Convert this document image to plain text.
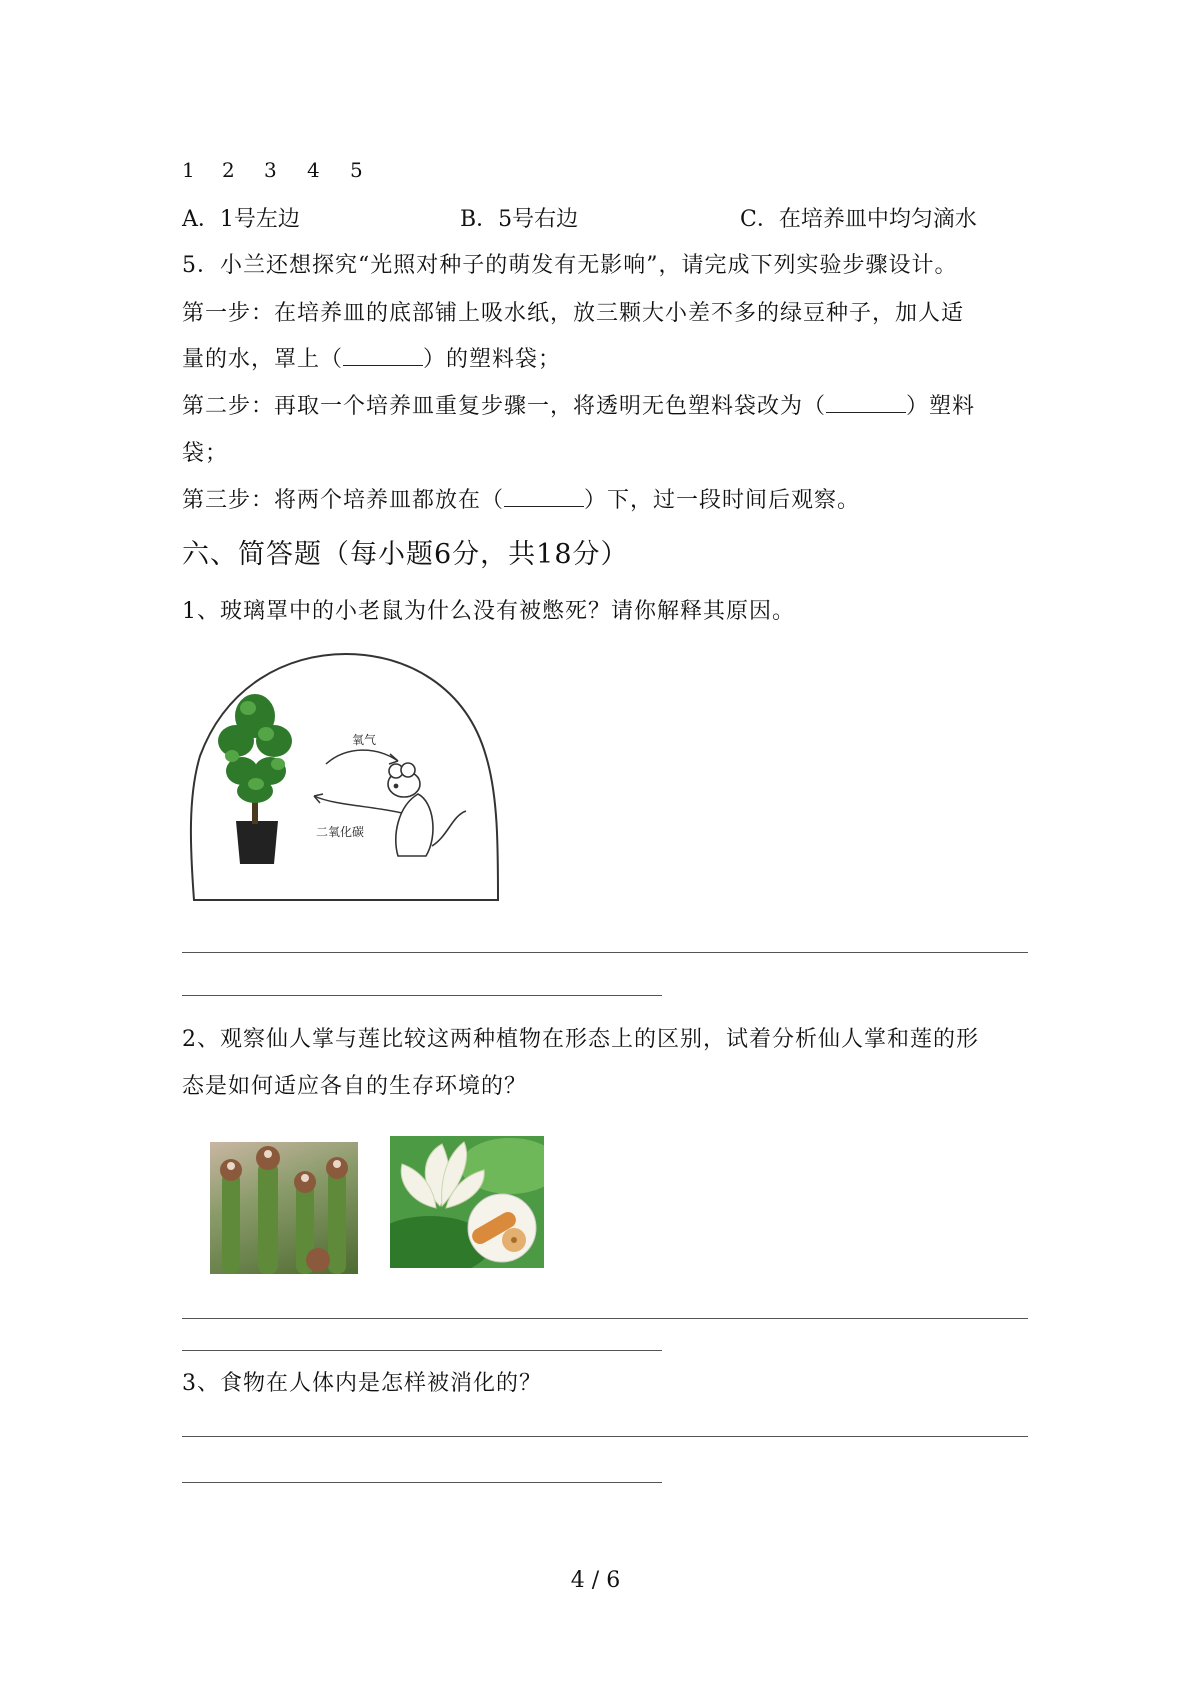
1 2 3 4 5
A．1号左边	B．5号右边	C．在培养皿中均匀滴水
5．小兰还想探究“光照对种子的萌发有无影响”，请完成下列实验步骤设计。
第一步：在培养皿的底部铺上吸水纸，放三颗大小差不多的绿豆种子，加人适
量的水，罩上（	）的塑料袋；
第二步：再取一个培养皿重复步骤一，将透明无色塑料袋改为（	）塑料
袋；
第三步：将两个培养皿都放在（	）下，过一段时间后观察。
六、简答题（每小题6分，共18分）
1、玻璃罩中的小老鼠为什么没有被憋死？请你解释其原因。
氧气
二氧化碳
2、观察仙人掌与莲比较这两种植物在形态上的区别，试着分析仙人掌和莲的形
态是如何适应各自的生存环境的？
3、食物在人体内是怎样被消化的？
4 / 6
